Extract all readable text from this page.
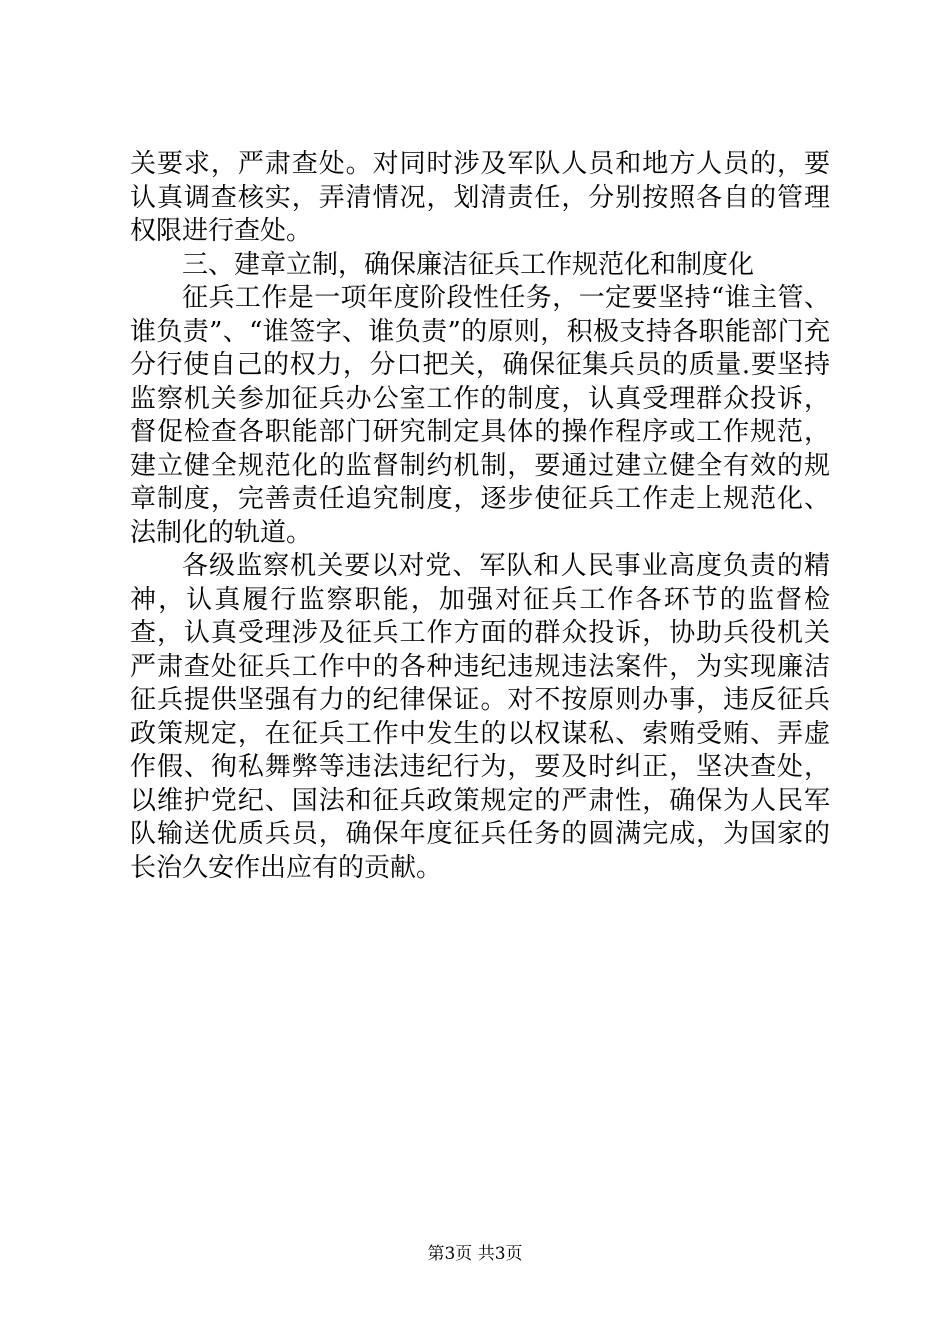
关要求，严肃查处。对同时涉及军队人员和地方人员的，要认真调查核实，弄清情况，划清责任，分别按照各自的管理权限进行查处。

三、建章立制，确保廉洁征兵工作规范化和制度化

征兵工作是一项年度阶段性任务，一定要坚持“谁主管、谁负责”、“谁签字、谁负责”的原则，积极支持各职能部门充分行使自己的权力，分口把关，确保征集兵员的质量.要坚持监察机关参加征兵办公室工作的制度，认真受理群众投诉，督促检查各职能部门研究制定具体的操作程序或工作规范，建立健全规范化的监督制约机制，要通过建立健全有效的规章制度，完善责任追究制度，逐步使征兵工作走上规范化、法制化的轨道。

各级监察机关要以对党、军队和人民事业高度负责的精神，认真履行监察职能，加强对征兵工作各环节的监督检查，认真受理涉及征兵工作方面的群众投诉，协助兵役机关严肃查处征兵工作中的各种违纪违规违法案件，为实现廉洁征兵提供坚强有力的纪律保证。对不按原则办事，违反征兵政策规定，在征兵工作中发生的以权谋私、索贿受贿、弄虚作假、徇私舞弊等违法违纪行为，要及时纠正，坚决查处，以维护党纪、国法和征兵政策规定的严肃性，确保为人民军队输送优质兵员，确保年度征兵任务的圆满完成，为国家的长治久安作出应有的贡献。

第3页 共3页
